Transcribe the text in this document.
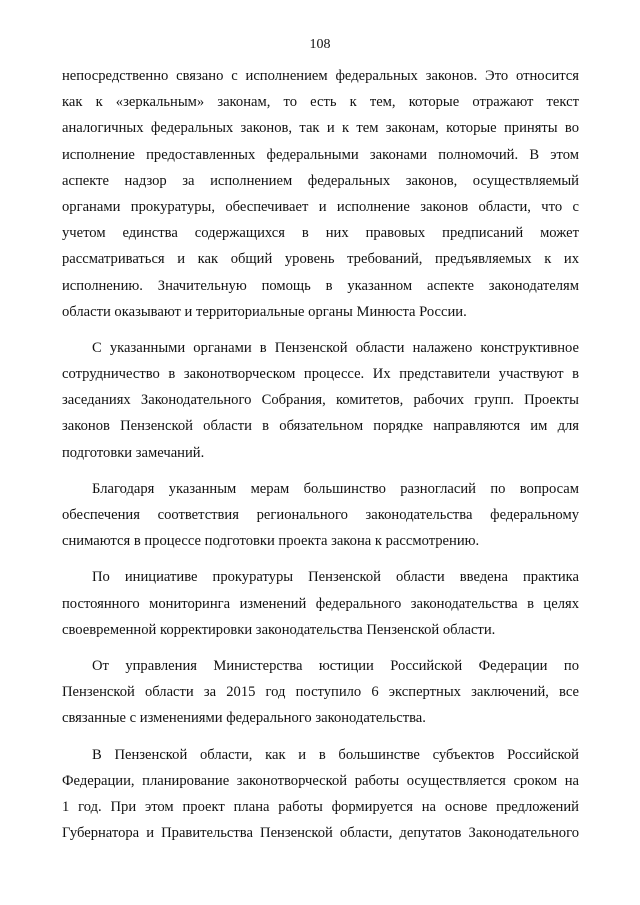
108

непосредственно связано с исполнением федеральных законов. Это относится
как к «зеркальным» законам, то есть к тем, которые отражают текст
аналогичных федеральных законов, так и к тем законам, которые приняты во
исполнение предоставленных федеральными законами полномочий. В этом
аспекте надзор за исполнением федеральных законов, осуществляемый
органами прокуратуры, обеспечивает и исполнение законов области, что с
учетом единства содержащихся в них правовых предписаний может
рассматриваться и как общий уровень требований, предъявляемых к их
исполнению. Значительную помощь в указанном аспекте законодателям
области оказывают и территориальные органы Минюста России.

С указанными органами в Пензенской области налажено конструктивное
сотрудничество в законотворческом процессе. Их представители участвуют в
заседаниях Законодательного Собрания, комитетов, рабочих групп. Проекты
законов Пензенской области в обязательном порядке направляются им для
подготовки замечаний.

Благодаря указанным мерам большинство разногласий по вопросам
обеспечения соответствия регионального законодательства федеральному
снимаются в процессе подготовки проекта закона к рассмотрению.

По инициативе прокуратуры Пензенской области введена практика
постоянного мониторинга изменений федерального законодательства в целях
своевременной корректировки законодательства Пензенской области.

От управления Министерства юстиции Российской Федерации по
Пензенской области за 2015 год поступило 6 экспертных заключений, все
связанные с изменениями федерального законодательства.

В Пензенской области, как и в большинстве субъектов Российской
Федерации, планирование законотворческой работы осуществляется сроком на
1 год. При этом проект плана работы формируется на основе предложений
Губернатора и Правительства Пензенской области, депутатов Законодательного
